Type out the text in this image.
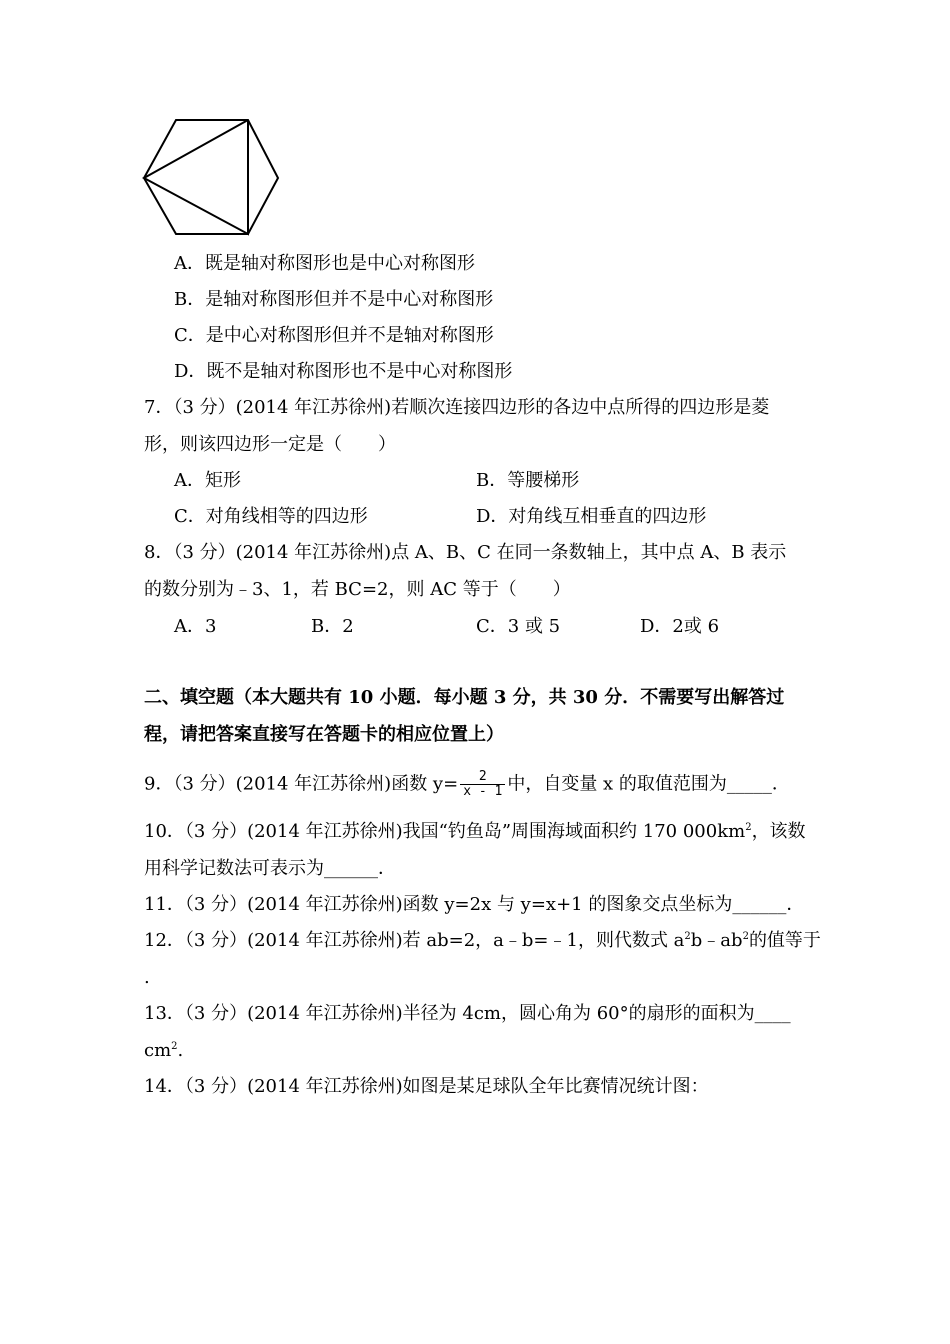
A．既是轴对称图形也是中心对称图形
B．是轴对称图形但并不是中心对称图形
C．是中心对称图形但并不是轴对称图形
D．既不是轴对称图形也不是中心对称图形
7．（3 分）(2014 年江苏徐州)若顺次连接四边形的各边中点所得的四边形是菱
形，则该四边形一定是（　　）
A．矩形	B．等腰梯形
C．对角线相等的四边形	D．对角线互相垂直的四边形
8．（3 分）(2014 年江苏徐州)点 A、B、C 在同一条数轴上，其中点 A、B 表示
的数分别为﹣3、1，若 BC=2，则 AC 等于（　　）
A．3	B．2	C．3 或 5	D．2或 6
二、填空题（本大题共有 10 小题．每小题 3 分，共 30 分．不需要写出解答过
程，请把答案直接写在答题卡的相应位置上）
9．（3 分）(2014 年江苏徐州)函数 $y= \frac{2}{x - 1}$ 中，自变量 x 的取值范围为_____．
10．（3 分）(2014 年江苏徐州)我国“钓鱼岛”周围海域面积约 170 $000km^2$，该数
用科学记数法可表示为______．
11．（3 分）(2014 年江苏徐州)函数 y=2x 与 y=x+1 的图象交点坐标为______．
12．（3 分）(2014 年江苏徐州)若 ab=2，a﹣b=﹣1，则代数式 $a^2b﹣ab^2$的值等于
.
13．（3 分）(2014 年江苏徐州)半径为 4cm，圆心角为 60°的扇形的面积为____
$cm^2$.
14．（3 分）(2014 年江苏徐州)如图是某足球队全年比赛情况统计图：
